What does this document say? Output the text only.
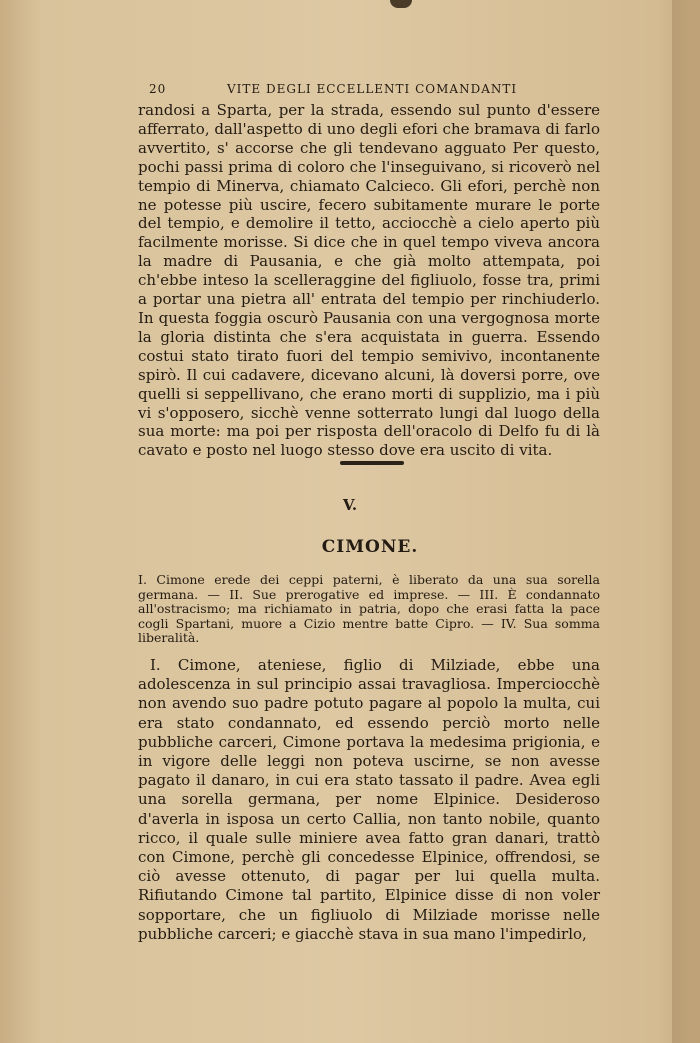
20	VITE DEGLI ECCELLENTI COMANDANTI

randosi a Sparta, per la strada, essendo sul punto d'essere afferrato, dall'aspetto di uno degli efori che bramava di farlo avvertito, s' accorse che gli tendevano agguato Per questo, pochi passi prima di coloro che l'inseguivano, si ricoverò nel tempio di Minerva, chiamato Calcieco. Gli efori, perchè non ne potesse più uscire, fecero subitamente murare le porte del tempio, e demolire il tetto, acciocchè a cielo aperto più facilmente morisse. Si dice che in quel tempo viveva ancora la madre di Pausania, e che già molto attempata, poi ch'ebbe inteso la scelleraggine del figliuolo, fosse tra, primi a portar una pietra all' entrata del tempio per rinchiuderlo. In questa foggia oscurò Pausania con una vergognosa morte la gloria distinta che s'era acquistata in guerra. Essendo costui stato tirato fuori del tempio semivivo, incontanente spirò. Il cui cadavere, dicevano alcuni, là doversi porre, ove quelli si seppellivano, che erano morti di supplizio, ma i più vi s'opposero, sicchè venne sotterrato lungi dal luogo della sua morte: ma poi per risposta dell'oracolo di Delfo fu di là cavato e posto nel luogo stesso dove era uscito di vita.

V.
CIMONE.

I. Cimone erede dei ceppi paterni, è liberato da una sua sorella germana. — II. Sue prerogative ed imprese. — III. È condannato all'ostracismo; ma richiamato in patria, dopo che erasi fatta la pace cogli Spartani, muore a Cizio mentre batte Cipro. — IV. Sua somma liberalità.

I. Cimone, ateniese, figlio di Milziade, ebbe una adolescenza in sul principio assai travagliosa. Imperciocchè non avendo suo padre potuto pagare al popolo la multa, cui era stato condannato, ed essendo perciò morto nelle pubbliche carceri, Cimone portava la medesima prigionia, e in vigore delle leggi non poteva uscirne, se non avesse pagato il danaro, in cui era stato tassato il padre. Avea egli una sorella germana, per nome Elpinice. Desideroso d'averla in isposa un certo Callia, non tanto nobile, quanto ricco, il quale sulle miniere avea fatto gran danari, trattò con Cimone, perchè gli concedesse Elpinice, offrendosi, se ciò avesse ottenuto, di pagar per lui quella multa. Rifiutando Cimone tal partito, Elpinice disse di non voler sopportare, che un figliuolo di Milziade morisse nelle pubbliche carceri; e giacchè stava in sua mano l'impedirlo,
